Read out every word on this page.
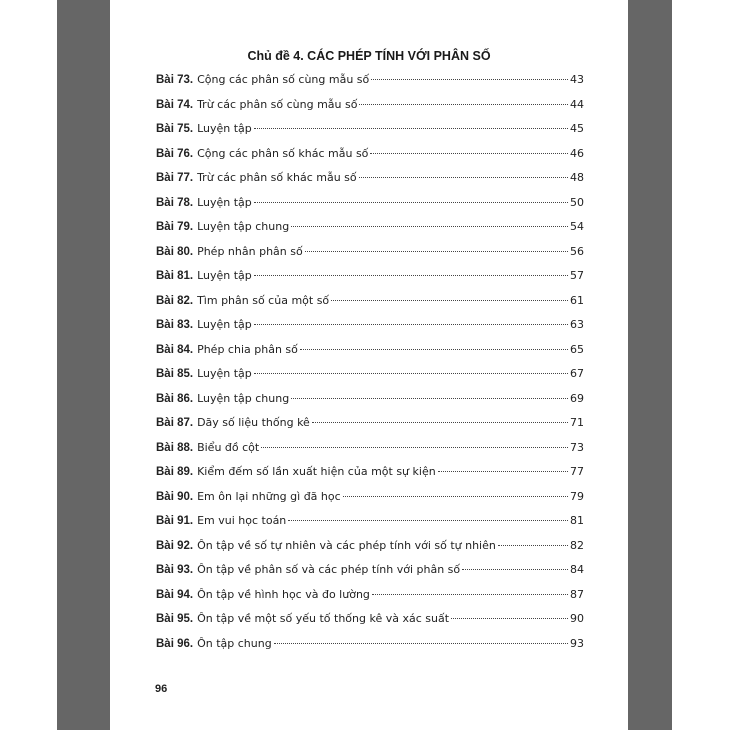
Chủ đề 4. CÁC PHÉP TÍNH VỚI PHÂN SỐ
Bài 73. Cộng các phân số cùng mẫu số	43
Bài 74. Trừ các phân số cùng mẫu số	44
Bài 75. Luyện tập	45
Bài 76. Cộng các phân số khác mẫu số	46
Bài 77. Trừ các phân số khác mẫu số	48
Bài 78. Luyện tập	50
Bài 79. Luyện tập chung	54
Bài 80. Phép nhân phân số	56
Bài 81. Luyện tập	57
Bài 82. Tìm phân số của một số	61
Bài 83. Luyện tập	63
Bài 84. Phép chia phân số	65
Bài 85. Luyện tập	67
Bài 86. Luyện tập chung	69
Bài 87. Dãy số liệu thống kê	71
Bài 88. Biểu đồ cột	73
Bài 89. Kiểm đếm số lần xuất hiện của một sự kiện	77
Bài 90. Em ôn lại những gì đã học	79
Bài 91. Em vui học toán	81
Bài 92. Ôn tập về số tự nhiên và các phép tính với số tự nhiên	82
Bài 93. Ôn tập về phân số và các phép tính với phân số	84
Bài 94. Ôn tập về hình học và đo lường	87
Bài 95. Ôn tập về một số yếu tố thống kê và xác suất	90
Bài 96. Ôn tập chung	93
96
